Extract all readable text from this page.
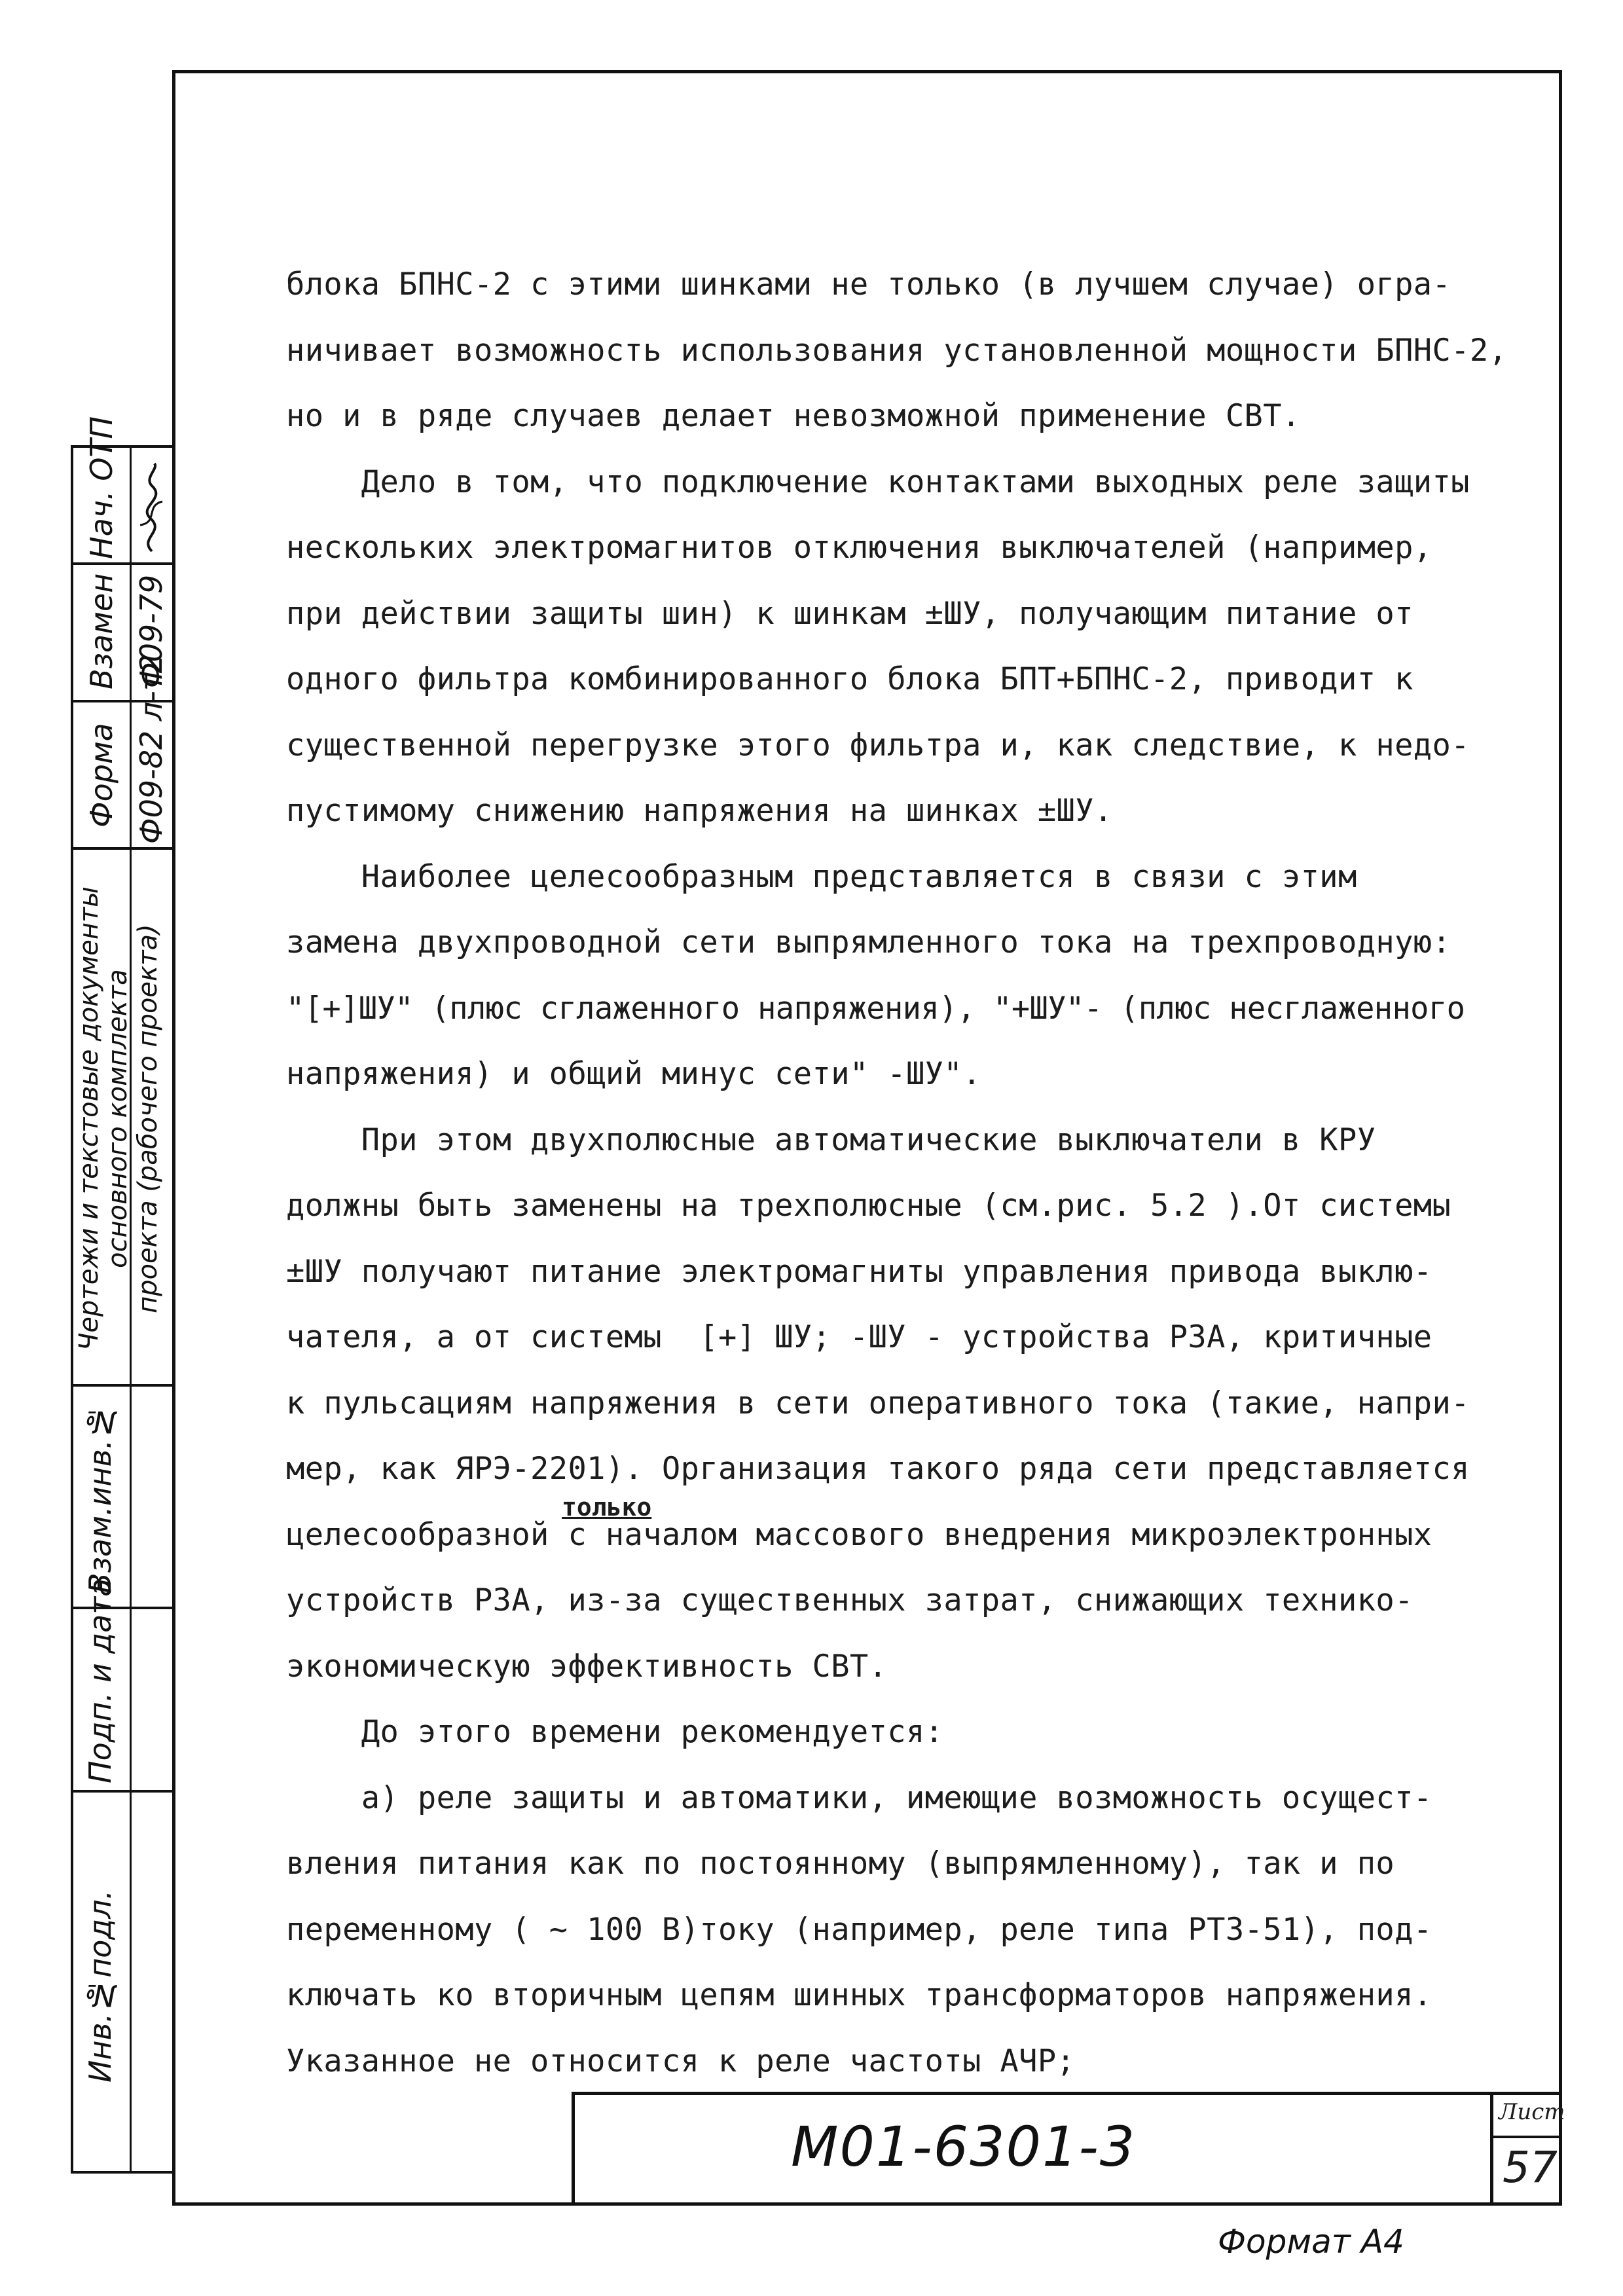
Инв.№подл.
Подп. и дата
Взам.инв.№
Чертежи и текстовые документы
основного комплекта проекта (рабочего проекта)
Форма Ф09-82 л-т2
Взамен Ф09-79
Нач. ОТП
блока БПНС-2 с этими шинками не только (в лучшем случае) огра-
ничивает возможность использования установленной мощности БПНС-2,
но и в ряде случаев делает невозможной применение СВТ.
Дело в том, что подключение контактами выходных реле защиты
нескольких электромагнитов отключения выключателей (например,
при действии защиты шин) к шинкам ±ШУ, получающим питание от
одного фильтра комбинированного блока БПТ+БПНС-2, приводит к
существенной перегрузке этого фильтра и, как следствие, к недо-
пустимому снижению напряжения на шинках ±ШУ.
Наиболее целесообразным представляется в связи с этим
замена двухпроводной сети выпрямленного тока на трехпроводную:
"[+]ШУ" (плюс сглаженного напряжения), "+ШУ"- (плюс несглаженного
напряжения) и общий минус сети" -ШУ".
При этом двухполюсные автоматические выключатели в КРУ
должны быть заменены на трехполюсные (см.рис. 5.2 ).От системы
±ШУ получают питание электромагниты управления привода выклю-
чателя, а от системы  [+] ШУ; -ШУ - устройства РЗА, критичные
к пульсациям напряжения в сети оперативного тока (такие, напри-
мер, как ЯРЭ-2201). Организация такого ряда сети представляется
целесообразной с началом массового внедрения микроэлектронных
устройств РЗА, из-за существенных затрат, снижающих технико-
экономическую эффективность СВТ.
До этого времени рекомендуется:
а) реле защиты и автоматики, имеющие возможность осущест-
вления питания как по постоянному (выпрямленному), так и по
переменному ( ~ 100 В)току (например, реле типа РТЗ-51), под-
ключать ко вторичным цепям шинных трансформаторов напряжения.
Указанное не относится к реле частоты АЧР;
только
М01-6301-3
Лист
57
Формат А4
